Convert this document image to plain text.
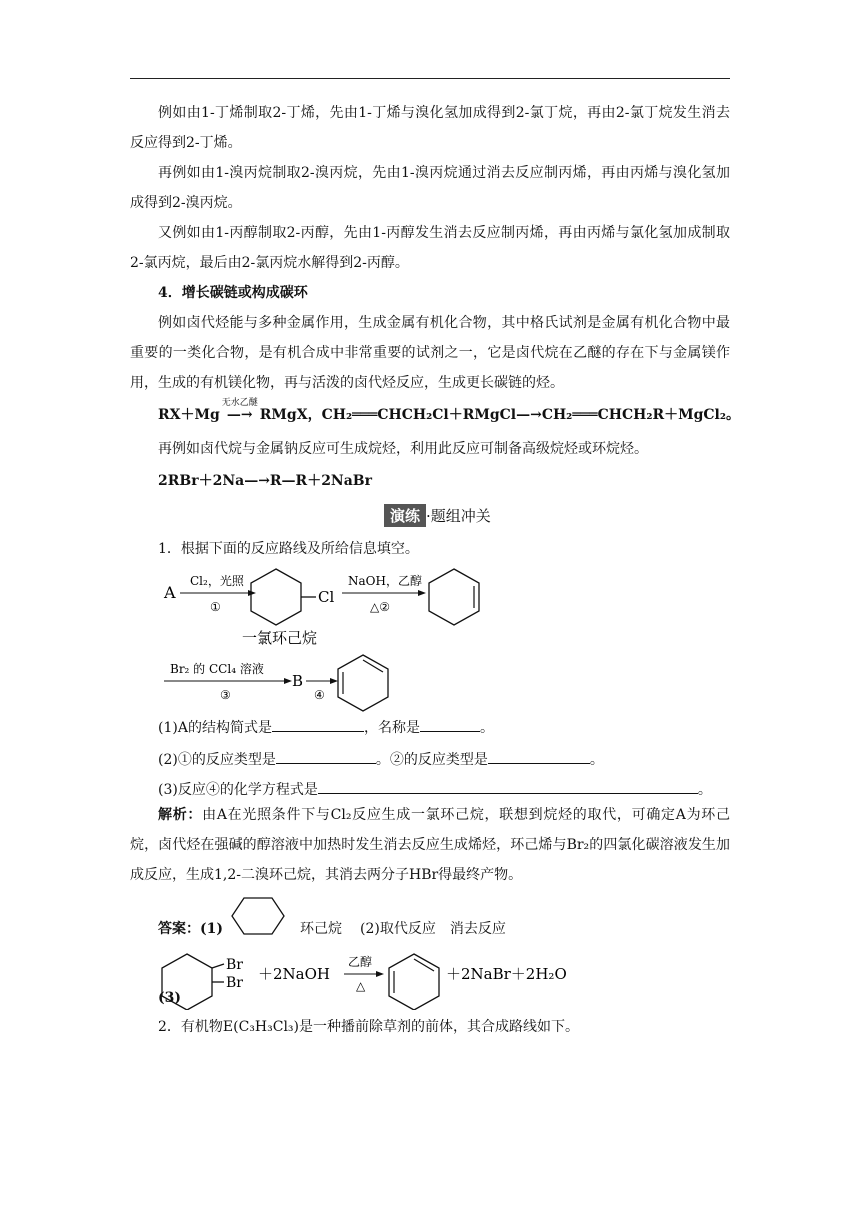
例如由1-丁烯制取2-丁烯，先由1-丁烯与溴化氢加成得到2-氯丁烷，再由2-氯丁烷发生消去反应得到2-丁烯。
再例如由1-溴丙烷制取2-溴丙烷，先由1-溴丙烷通过消去反应制丙烯，再由丙烯与溴化氢加成得到2-溴丙烷。
又例如由1-丙醇制取2-丙醇，先由1-丙醇发生消去反应制丙烯，再由丙烯与氯化氢加成制取2-氯丙烷，最后由2-氯丙烷水解得到2-丙醇。
4．增长碳链或构成碳环
例如卤代烃能与多种金属作用，生成金属有机化合物，其中格氏试剂是金属有机化合物中最重要的一类化合物，是有机合成中非常重要的试剂之一，它是卤代烷在乙醚的存在下与金属镁作用，生成的有机镁化物，再与活泼的卤代烃反应，生成更长碳链的烃。
RX＋Mg
无水乙醚
—→ RMgX，CH₂═══CHCH₂Cl＋RMgCl—→CH₂═══CHCH₂R＋MgCl₂。
再例如卤代烷与金属钠反应可生成烷烃，利用此反应可制备高级烷烃或环烷烃。
2RBr＋2Na—→R—R＋2NaBr
演练 ·题组冲关
1．根据下面的反应路线及所给信息填空。
A
Cl₂，光照
①
Cl
NaOH，乙醇
△②
一氯环己烷
Br₂ 的 CCl₄ 溶液
③
B
④
(1)A的结构简式是	，名称是	。
(2)①的反应类型是	。②的反应类型是	。
(3)反应④的化学方程式是	。
解析：由A在光照条件下与Cl₂反应生成一氯环己烷，联想到烷烃的取代，可确定A为环己烷，卤代烃在强碱的醇溶液中加热时发生消去反应生成烯烃，环己烯与Br₂的四氯化碳溶液发生加成反应，生成1,2-二溴环己烷，其消去两分子HBr得最终产物。
答案：(1)	环己烷 (2)取代反应　消去反应
Br
Br ＋2NaOH
乙醇
△
＋2NaBr＋2H₂O
(3)
2．有机物E(C₃H₃Cl₃)是一种播前除草剂的前体，其合成路线如下。
